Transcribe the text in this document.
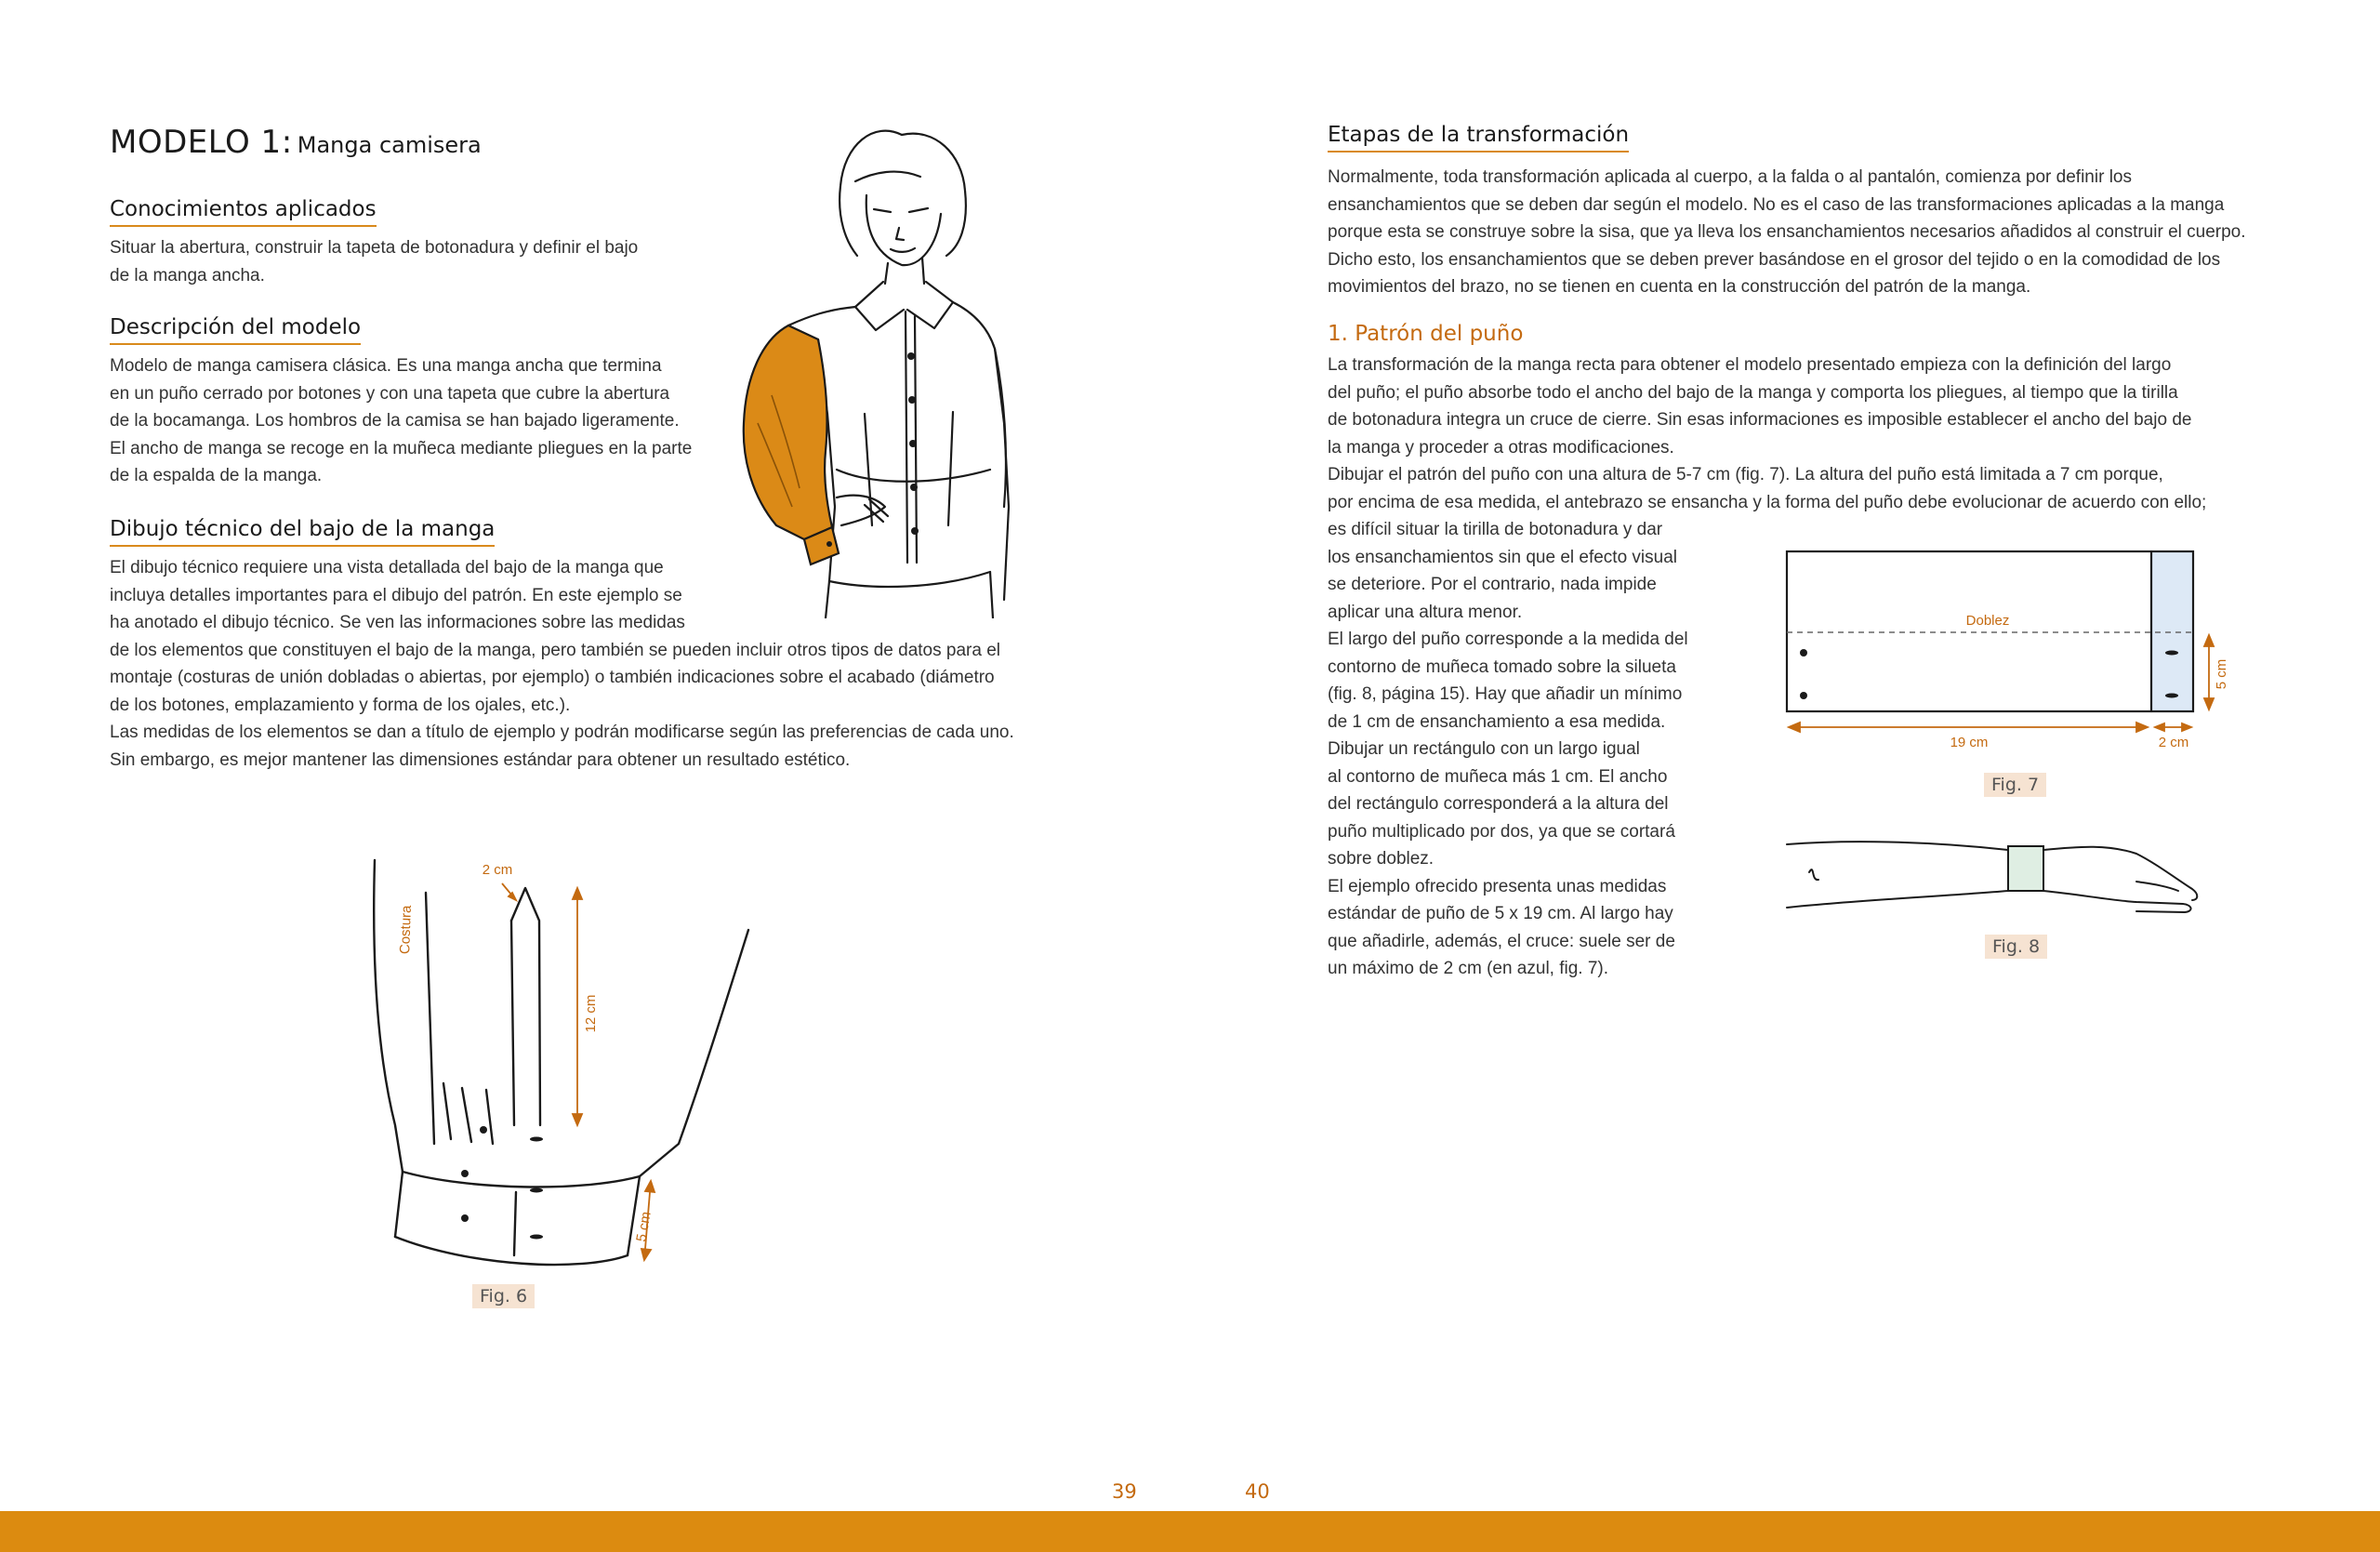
MODELO 1: Manga camisera
Conocimientos aplicados

Situar la abertura, construir la tapeta de botonadura y definir el bajo

de la manga ancha.

Descripción del modelo

Modelo de manga camisera clásica. Es una manga ancha que termina

en un puño cerrado por botones y con una tapeta que cubre la abertura

de la bocamanga. Los hombros de la camisa se han bajado ligeramente.

El ancho de manga se recoge en la muñeca mediante pliegues en la parte

de la espalda de la manga.

Dibujo técnico del bajo de la manga

El dibujo técnico requiere una vista detallada del bajo de la manga que

incluya detalles importantes para el dibujo del patrón. En este ejemplo se

ha anotado el dibujo técnico. Se ven las informaciones sobre las medidas

de los elementos que constituyen el bajo de la manga, pero también se pueden incluir otros tipos de datos para el

montaje (costuras de unión dobladas o abiertas, por ejemplo) o también indicaciones sobre el acabado (diámetro

de los botones, emplazamiento y forma de los ojales, etc.).

Las medidas de los elementos se dan a título de ejemplo y podrán modificarse según las preferencias de cada uno.

Sin embargo, es mejor mantener las dimensiones estándar para obtener un resultado estético.

2 cm
12 cm
5 cm
Costura
Fig. 6
39
Etapas de la transformación

Normalmente, toda transformación aplicada al cuerpo, a la falda o al pantalón, comienza por definir los

ensanchamientos que se deben dar según el modelo. No es el caso de las transformaciones aplicadas a la manga

porque esta se construye sobre la sisa, que ya lleva los ensanchamientos necesarios añadidos al construir el cuerpo.

Dicho esto, los ensanchamientos que se deben prever basándose en el grosor del tejido o en la comodidad de los

movimientos del brazo, no se tienen en cuenta en la construcción del patrón de la manga.

1. Patrón del puño

La transformación de la manga recta para obtener el modelo presentado empieza con la definición del largo

del puño; el puño absorbe todo el ancho del bajo de la manga y comporta los pliegues, al tiempo que la tirilla

de botonadura integra un cruce de cierre. Sin esas informaciones es imposible establecer el ancho del bajo de

la manga y proceder a otras modificaciones.

Dibujar el patrón del puño con una altura de 5-7 cm (fig. 7). La altura del puño está limitada a 7 cm porque,

por encima de esa medida, el antebrazo se ensancha y la forma del puño debe evolucionar de acuerdo con ello;

es difícil situar la tirilla de botonadura y dar

los ensanchamientos sin que el efecto visual

se deteriore. Por el contrario, nada impide

aplicar una altura menor.

El largo del puño corresponde a la medida del

contorno de muñeca tomado sobre la silueta

(fig. 8, página 15). Hay que añadir un mínimo

de 1 cm de ensanchamiento a esa medida.

Dibujar un rectángulo con un largo igual

al contorno de muñeca más 1 cm. El ancho

del rectángulo corresponderá a la altura del

puño multiplicado por dos, ya que se cortará

sobre doblez.

El ejemplo ofrecido presenta unas medidas

estándar de puño de 5 x 19 cm. Al largo hay

que añadirle, además, el cruce: suele ser de

un máximo de 2 cm (en azul, fig. 7).

Doblez
19 cm	2 cm
5 cm
Fig. 7
Fig. 8
40
